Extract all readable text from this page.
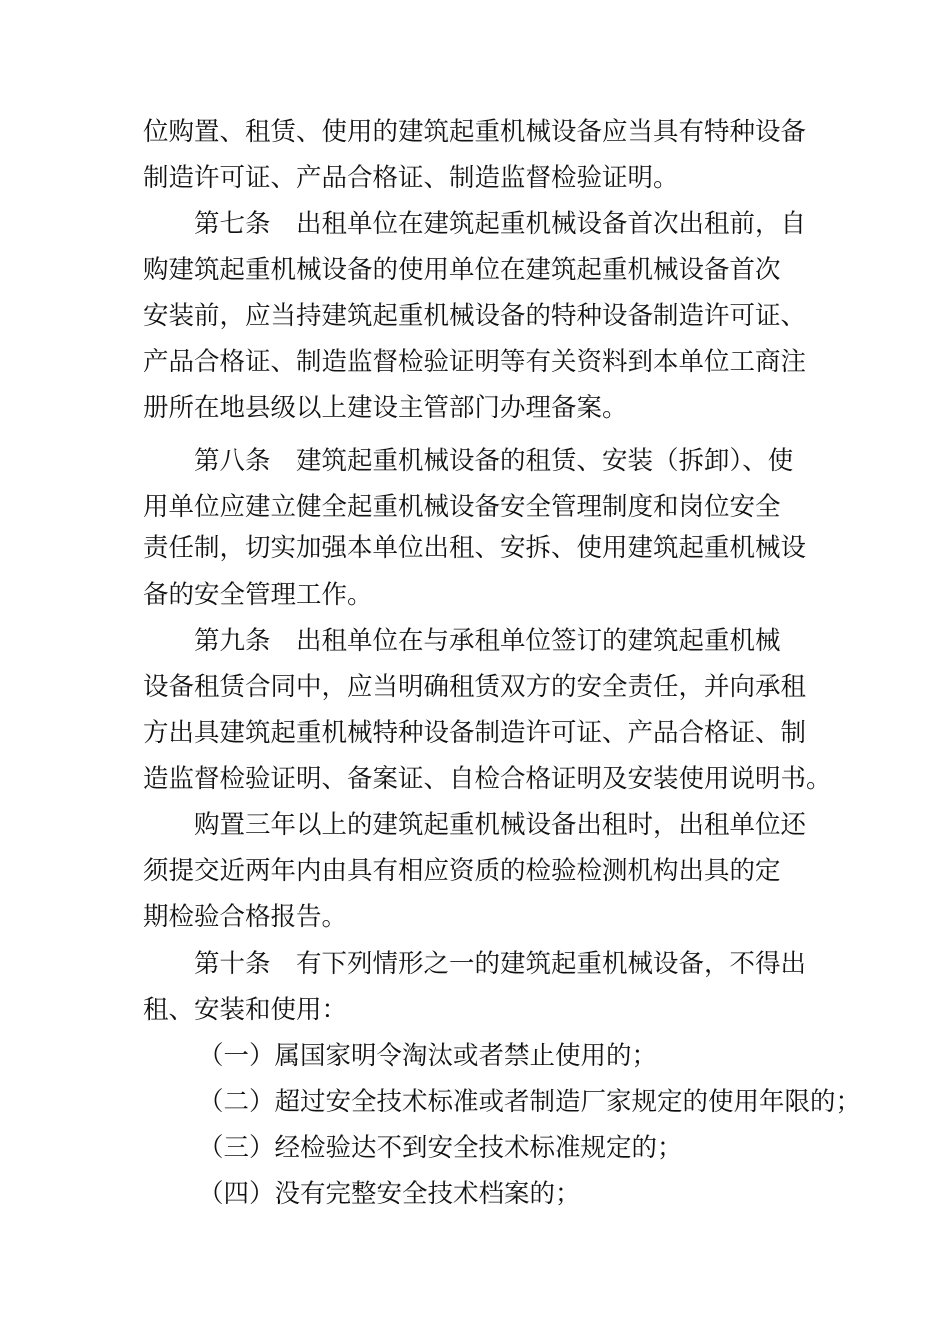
位购置、租赁、使用的建筑起重机械设备应当具有特种设备
制造许可证、产品合格证、制造监督检验证明。
第七条　出租单位在建筑起重机械设备首次出租前，自
购建筑起重机械设备的使用单位在建筑起重机械设备首次
安装前，应当持建筑起重机械设备的特种设备制造许可证、
产品合格证、制造监督检验证明等有关资料到本单位工商注
册所在地县级以上建设主管部门办理备案。
第八条　建筑起重机械设备的租赁、安装（拆卸）、使
用单位应建立健全起重机械设备安全管理制度和岗位安全
责任制，切实加强本单位出租、安拆、使用建筑起重机械设
备的安全管理工作。
第九条　出租单位在与承租单位签订的建筑起重机械
设备租赁合同中，应当明确租赁双方的安全责任，并向承租
方出具建筑起重机械特种设备制造许可证、产品合格证、制
造监督检验证明、备案证、自检合格证明及安装使用说明书。
购置三年以上的建筑起重机械设备出租时，出租单位还
须提交近两年内由具有相应资质的检验检测机构出具的定
期检验合格报告。
第十条　有下列情形之一的建筑起重机械设备，不得出
租、安装和使用：
（一）属国家明令淘汰或者禁止使用的；
（二）超过安全技术标准或者制造厂家规定的使用年限的；
（三）经检验达不到安全技术标准规定的；
（四）没有完整安全技术档案的；
